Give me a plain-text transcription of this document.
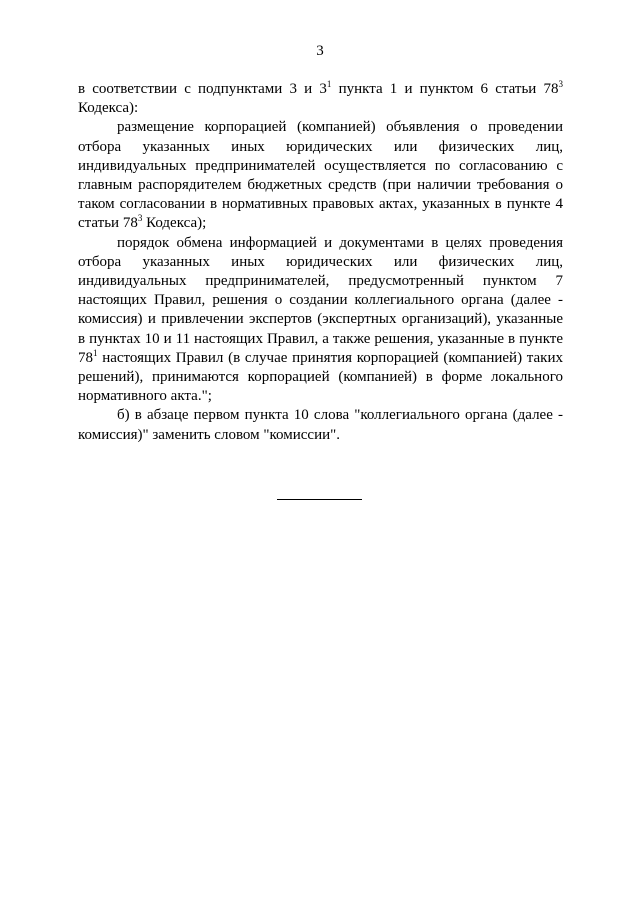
3

в соответствии с подпунктами 3 и $3^1$ пункта 1 и пунктом 6 статьи $78^3$ Кодекса):

размещение корпорацией (компанией) объявления о проведении отбора указанных иных юридических или физических лиц, индивидуальных предпринимателей осуществляется по согласованию с главным распорядителем бюджетных средств (при наличии требования о таком согласовании в нормативных правовых актах, указанных в пункте 4 статьи $78^3$ Кодекса);

порядок обмена информацией и документами в целях проведения отбора указанных иных юридических или физических лиц, индивидуальных предпринимателей, предусмотренный пунктом 7 настоящих Правил, решения о создании коллегиального органа (далее - комиссия) и привлечении экспертов (экспертных организаций), указанные в пунктах 10 и 11 настоящих Правил, а также решения, указанные в пункте $78^1$ настоящих Правил (в случае принятия корпорацией (компанией) таких решений), принимаются корпорацией (компанией) в форме локального нормативного акта.";

б) в абзаце первом пункта 10 слова "коллегиального органа (далее - комиссия)" заменить словом "комиссии".
